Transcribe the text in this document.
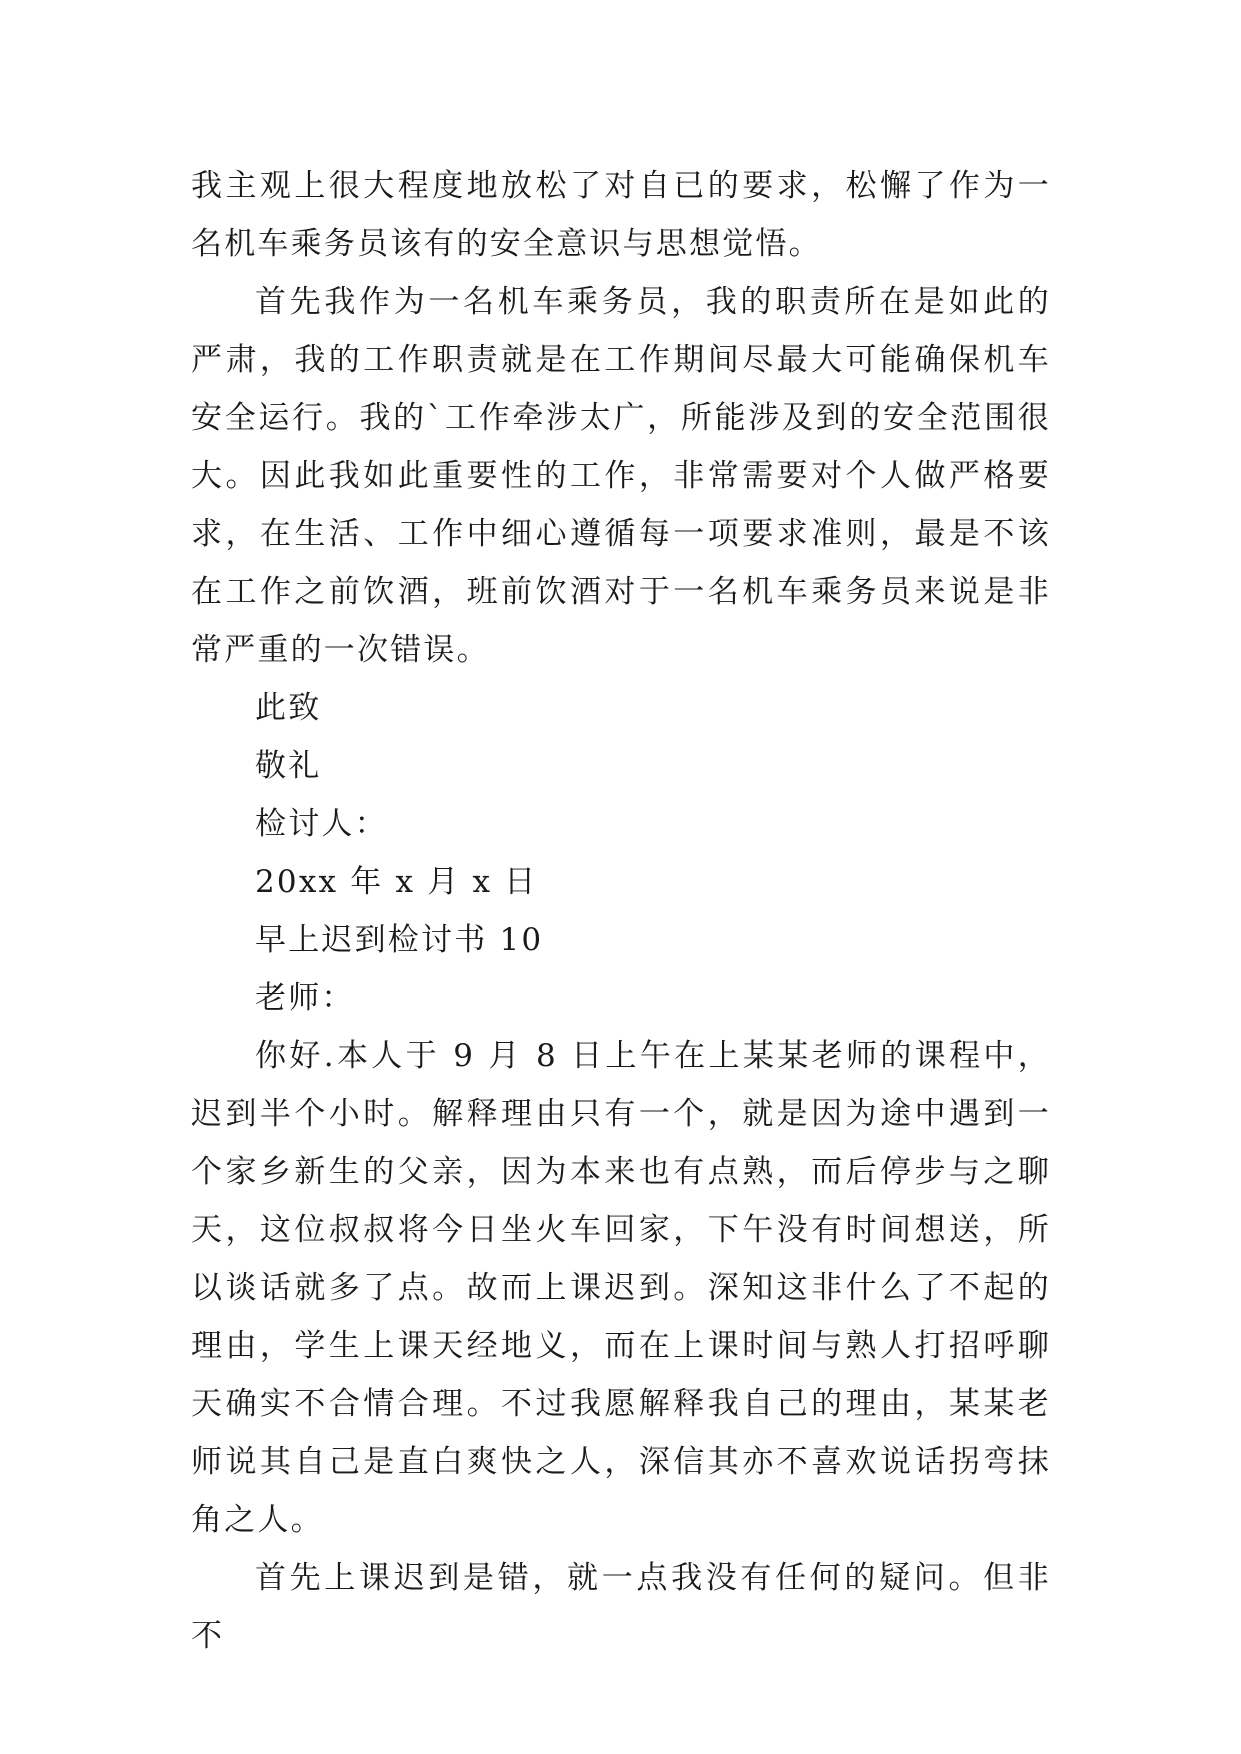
我主观上很大程度地放松了对自已的要求，松懈了作为一名机车乘务员该有的安全意识与思想觉悟。

首先我作为一名机车乘务员，我的职责所在是如此的严肃，我的工作职责就是在工作期间尽最大可能确保机车安全运行。我的`工作牵涉太广，所能涉及到的安全范围很大。因此我如此重要性的工作，非常需要对个人做严格要求，在生活、工作中细心遵循每一项要求准则，最是不该在工作之前饮酒，班前饮酒对于一名机车乘务员来说是非常严重的一次错误。

此致

敬礼

检讨人：

20xx 年 x 月 x 日

早上迟到检讨书 10

老师：

你好.本人于 9 月 8 日上午在上某某老师的课程中，迟到半个小时。解释理由只有一个，就是因为途中遇到一个家乡新生的父亲，因为本来也有点熟，而后停步与之聊天，这位叔叔将今日坐火车回家，下午没有时间想送，所以谈话就多了点。故而上课迟到。深知这非什么了不起的理由，学生上课天经地义，而在上课时间与熟人打招呼聊天确实不合情合理。不过我愿解释我自己的理由，某某老师说其自己是直白爽快之人，深信其亦不喜欢说话拐弯抹角之人。

首先上课迟到是错，就一点我没有任何的疑问。但非不
